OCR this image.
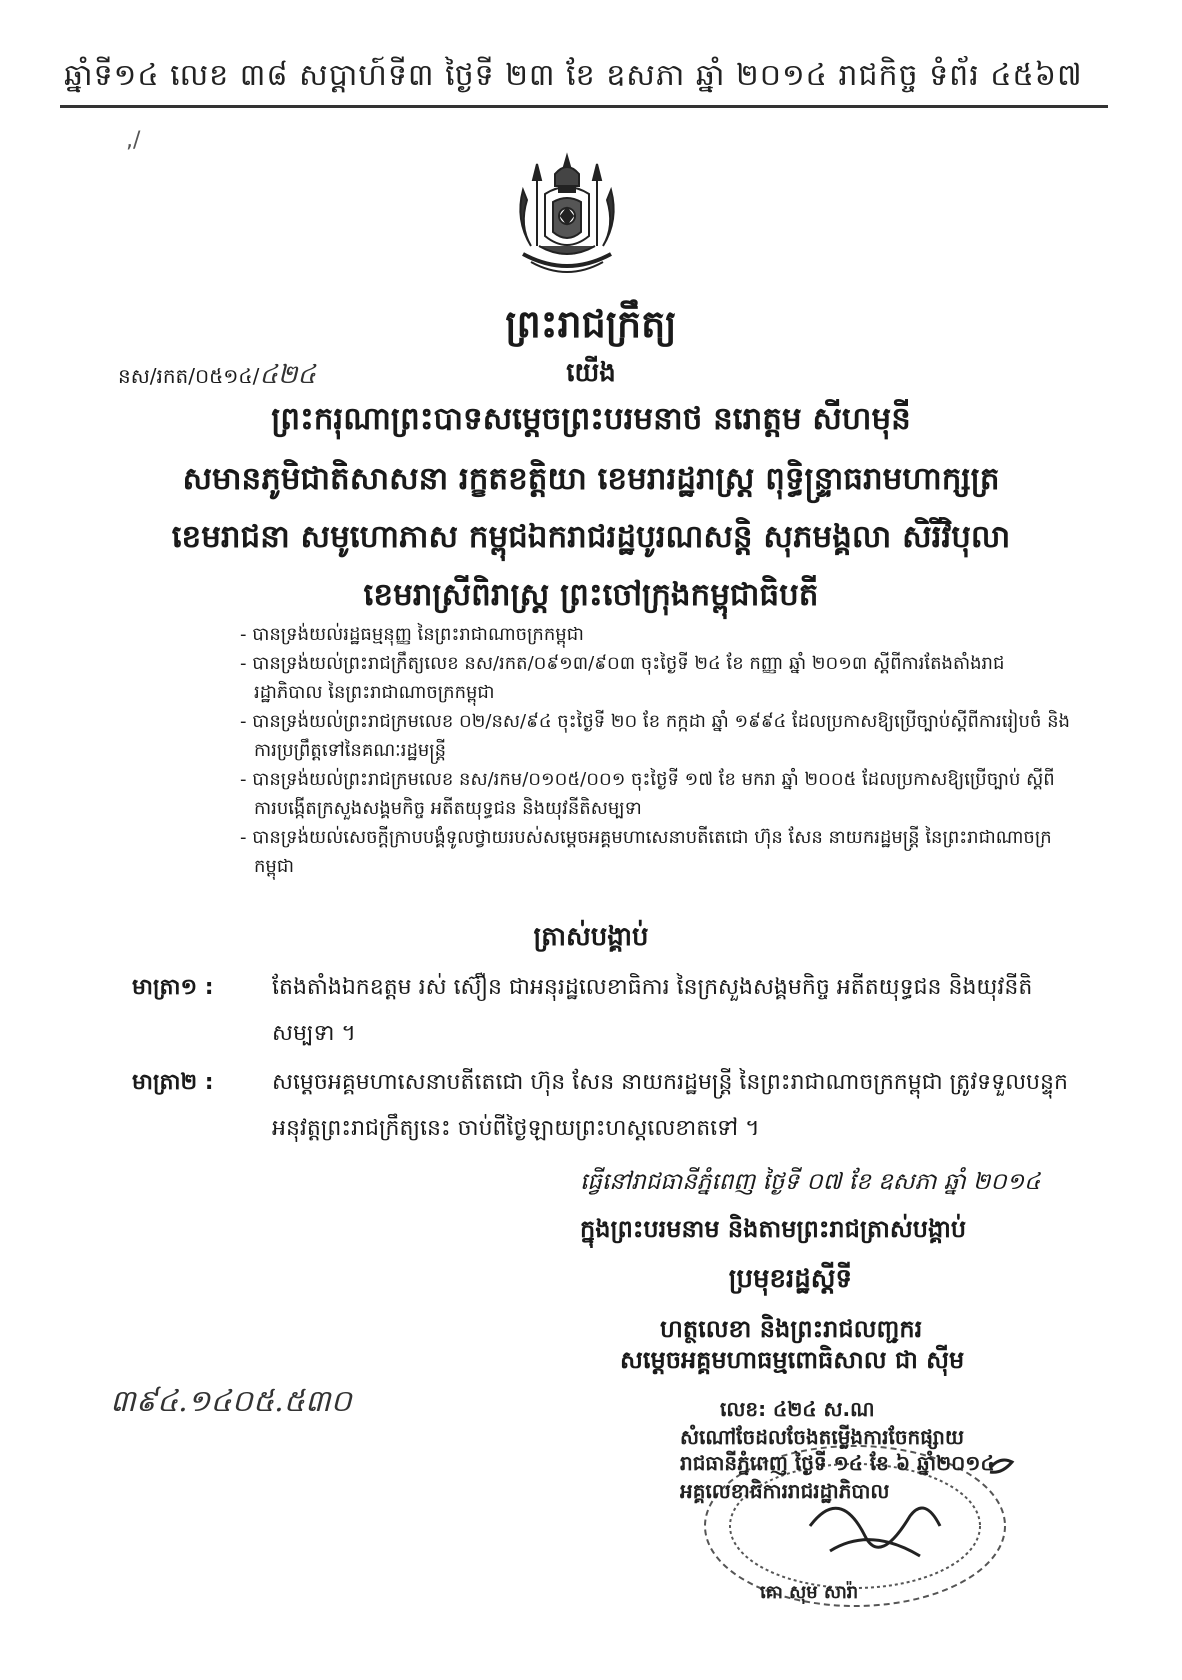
ឆ្នាំទី១៤ លេខ ៣៨ សប្តាហ៍ទី៣ ថ្ងៃទី ២៣ ខែ ឧសភា ឆ្នាំ ២០១៤ រាជកិច្ច ទំព័រ ៤៥៦៧
,/
ព្រះរាជក្រឹត្យ
នស/រកត/០៥១៤/៤២៤	យើង
ព្រះករុណាព្រះបាទសម្តេចព្រះបរមនាថ នរោត្តម សីហមុនី
សមានភូមិជាតិសាសនា រក្ខតខត្តិយា ខេមរារដ្ឋរាស្ត្រ ពុទ្ធិន្ទ្រាធរាមហាក្សត្រ
ខេមរាជនា សមូហោភាស កម្ពុជឯករាជរដ្ឋបូរណសន្តិ សុភមង្គលា សិរីវិបុលា
ខេមរាស្រីពិរាស្ត្រ ព្រះចៅក្រុងកម្ពុជាធិបតី

- បានទ្រង់យល់រដ្ឋធម្មនុញ្ញ នៃព្រះរាជាណាចក្រកម្ពុជា

- បានទ្រង់យល់ព្រះរាជក្រឹត្យលេខ នស/រកត/០៩១៣/៩០៣ ចុះថ្ងៃទី ២៤ ខែ កញ្ញា ឆ្នាំ ២០១៣ ស្តីពីការតែងតាំងរាជរដ្ឋាភិបាល នៃព្រះរាជាណាចក្រកម្ពុជា

- បានទ្រង់យល់ព្រះរាជក្រមលេខ ០២/នស/៩៤ ចុះថ្ងៃទី ២០ ខែ កក្កដា ឆ្នាំ ១៩៩៤ ដែលប្រកាសឱ្យប្រើច្បាប់ស្តីពីការរៀបចំ និងការប្រព្រឹត្តទៅនៃគណៈរដ្ឋមន្ត្រី

- បានទ្រង់យល់ព្រះរាជក្រមលេខ នស/រកម/០១០៥/០០១ ចុះថ្ងៃទី ១៧ ខែ មករា ឆ្នាំ ២០០៥ ដែលប្រកាសឱ្យប្រើច្បាប់ ស្តីពីការបង្កើតក្រសួងសង្គមកិច្ច អតីតយុទ្ធជន និងយុវនីតិសម្បទា

- បានទ្រង់យល់សេចក្តីក្រាបបង្គំទូលថ្វាយរបស់សម្តេចអគ្គមហាសេនាបតីតេជោ ហ៊ុន សែន នាយករដ្ឋមន្ត្រី នៃព្រះរាជាណាចក្រកម្ពុជា

ត្រាស់បង្គាប់
មាត្រា១ :	តែងតាំងឯកឧត្តម រស់ ស៊ឿន ជាអនុរដ្ឋលេខាធិការ នៃក្រសួងសង្គមកិច្ច អតីតយុទ្ធជន និងយុវនីតិសម្បទា ។
មាត្រា២ :	សម្តេចអគ្គមហាសេនាបតីតេជោ ហ៊ុន សែន នាយករដ្ឋមន្ត្រី នៃព្រះរាជាណាចក្រកម្ពុជា ត្រូវទទួលបន្ទុកអនុវត្តព្រះរាជក្រឹត្យនេះ ចាប់ពីថ្ងៃឡាយព្រះហស្តលេខាតទៅ ។
ធ្វើនៅរាជធានីភ្នំពេញ ថ្ងៃទី ០៧ ខែ ឧសភា ឆ្នាំ ២០១៤
ក្នុងព្រះបរមនាម និងតាមព្រះរាជត្រាស់បង្គាប់
ប្រមុខរដ្ឋស្តីទី
ហត្ថលេខា និងព្រះរាជលញ្ជករ
សម្តេចអគ្គមហាធម្មពោធិសាល ជា ស៊ីម
៣៩៤.១៤០៥.៥៣០	លេខ: ៤២៤ ស.ណ
សំណៅចែដលចែងតម្លើងការចែកផ្សាយ
រាជធានីភ្នំពេញ ថ្ងៃទី ១៤ ខែ ៦ ឆ្នាំ២០១៤
អគ្គលេខាធិការរាជរដ្ឋាភិបាល
គោ សុម សារ៉ា
